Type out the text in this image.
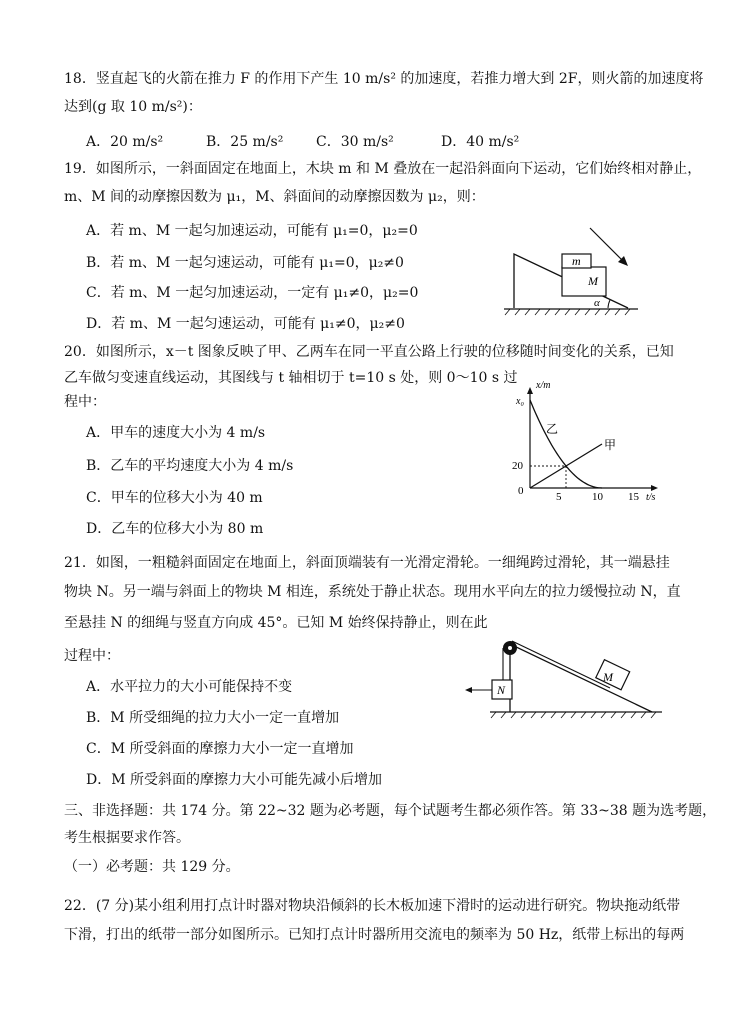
18．竖直起飞的火箭在推力 F 的作用下产生 10 m/s² 的加速度，若推力增大到 2F，则火箭的加速度将
达到(g 取 10 m/s²)：
A．20 m/s²	B．25 m/s² C．30 m/s²	D．40 m/s²
19．如图所示，一斜面固定在地面上，木块 m 和 M 叠放在一起沿斜面向下运动，它们始终相对静止，
m、M 间的动摩擦因数为 μ₁，M、斜面间的动摩擦因数为 μ₂，则：
A．若 m、M 一起匀加速运动，可能有 μ₁=0，μ₂=0
B．若 m、M 一起匀速运动，可能有 μ₁=0，μ₂≠0
C．若 m、M 一起匀加速运动，一定有 μ₁≠0，μ₂=0
D．若 m、M 一起匀速运动，可能有 μ₁≠0，μ₂≠0
m
M
α
20．如图所示，x－t 图象反映了甲、乙两车在同一平直公路上行驶的位移随时间变化的关系，已知
乙车做匀变速直线运动，其图线与 t 轴相切于 t=10 s 处，则 0～10 s 过
程中：
A．甲车的速度大小为 4 m/s
B．乙车的平均速度大小为 4 m/s
C．甲车的位移大小为 40 m
D．乙车的位移大小为 80 m
x/m
t/s
x₀
0
20
5	10 15
乙
甲
21．如图，一粗糙斜面固定在地面上，斜面顶端装有一光滑定滑轮。一细绳跨过滑轮，其一端悬挂
物块 N。另一端与斜面上的物块 M 相连，系统处于静止状态。现用水平向左的拉力缓慢拉动 N，直
至悬挂 N 的细绳与竖直方向成 45°。已知 M 始终保持静止，则在此
过程中：
A．水平拉力的大小可能保持不变
B．M 所受细绳的拉力大小一定一直增加
C．M 所受斜面的摩擦力大小一定一直增加
D．M 所受斜面的摩擦力大小可能先减小后增加
M
N
三、非选择题：共 174 分。第 22~32 题为必考题，每个试题考生都必须作答。第 33~38 题为选考题，
考生根据要求作答。
（一）必考题：共 129 分。
22．(7 分)某小组利用打点计时器对物块沿倾斜的长木板加速下滑时的运动进行研究。物块拖动纸带
下滑，打出的纸带一部分如图所示。已知打点计时器所用交流电的频率为 50 Hz，纸带上标出的每两
